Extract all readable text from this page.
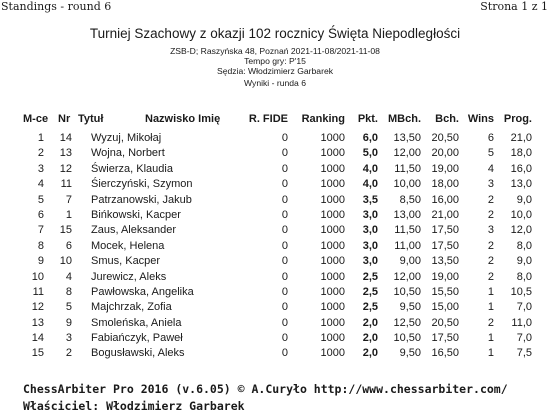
Standings - round 6	Strona 1 z 1
Turniej Szachowy z okazji 102 rocznicy Święta Niepodległości
ZSB-D; Raszyńska 48, Poznań 2021-11-08/2021-11-08
Tempo gry: P'15
Sędzia: Włodzimierz Garbarek
Wyniki - runda 6
M-ce Nr Tytuł	Nazwisko Imię	R. FIDE Ranking Pkt. MBch. Bch. Wins Prog.
1 14 Wyzuj, Mikołaj	0	1000 6,0 13,50 20,50	6 21,0
2 13 Wojna, Norbert	0	1000 5,0 12,00 20,00	5 18,0
3 12 Świerza, Klaudia	0	1000 4,0 11,50 19,00	4 16,0
4 11 Śierczyński, Szymon	0	1000 4,0 10,00 18,00	3 13,0
5 7 Patrzanowski, Jakub	0	1000 3,5 8,50 16,00	2 9,0
6 1 Bińkowski, Kacper	0	1000 3,0 13,00 21,00	2 10,0
7 15 Zaus, Aleksander	0	1000 3,0 11,50 17,50	3 12,0
8 6 Mocek, Helena	0	1000 3,0 11,00 17,50	2 8,0
9 10 Smus, Kacper	0	1000 3,0 9,00 13,50	2 9,0
10 4 Jurewicz, Aleks	0	1000 2,5 12,00 19,00	2 8,0
11 8 Pawłowska, Angelika	0	1000 2,5 10,50 15,50	1 10,5
12 5 Majchrzak, Zofia	0	1000 2,5 9,50 15,00	1 7,0
13 9 Smoleńska, Aniela	0	1000 2,0 12,50 20,50	2 11,0
14 3 Fabiańczyk, Paweł	0	1000 2,0 10,50 17,50	1 7,0
15 2 Bogusławski, Aleks	0	1000 2,0 9,50 16,50	1 7,5
ChessArbiter Pro 2016 (v.6.05) © A.Curyło http://www.chessarbiter.com/
Właściciel: Włodzimierz Garbarek
